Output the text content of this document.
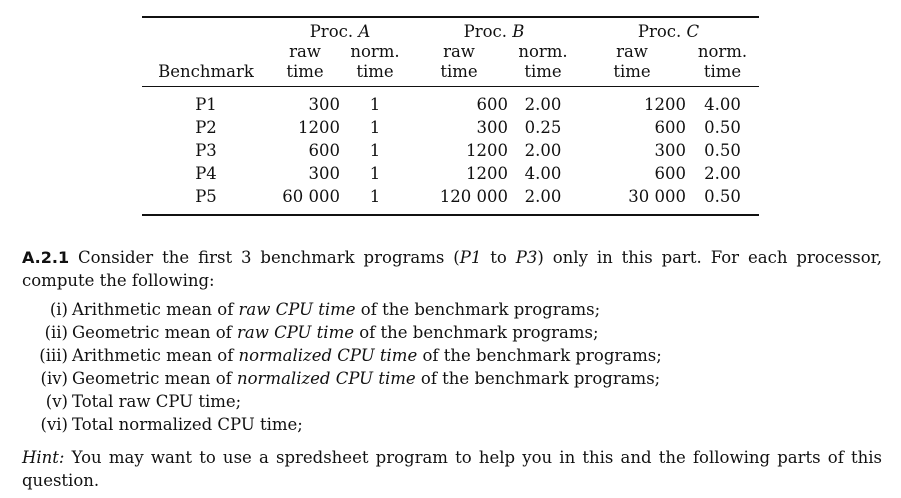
	Proc. A		Proc. B		Proc. C	
	raw	norm.	raw	norm.	raw	norm.
Benchmark	time	time	time	time	time	time
P1	300	1	600	2.00	1200	4.00
P2	1200	1	300	0.25	600	0.50
P3	600	1	1200	2.00	300	0.50
P4	300	1	1200	4.00	600	2.00
P5	60 000	1	120 000	2.00	30 000	0.50
A.2.1 Consider the first 3 benchmark programs (P1 to P3) only in this part. For each processor, compute the following:
(i) Arithmetic mean of raw CPU time of the benchmark programs;
(ii) Geometric mean of raw CPU time of the benchmark programs;
(iii) Arithmetic mean of normalized CPU time of the benchmark programs;
(iv) Geometric mean of normalized CPU time of the benchmark programs;
(v) Total raw CPU time;
(vi) Total normalized CPU time;
Hint: You may want to use a spredsheet program to help you in this and the following parts of this question.
